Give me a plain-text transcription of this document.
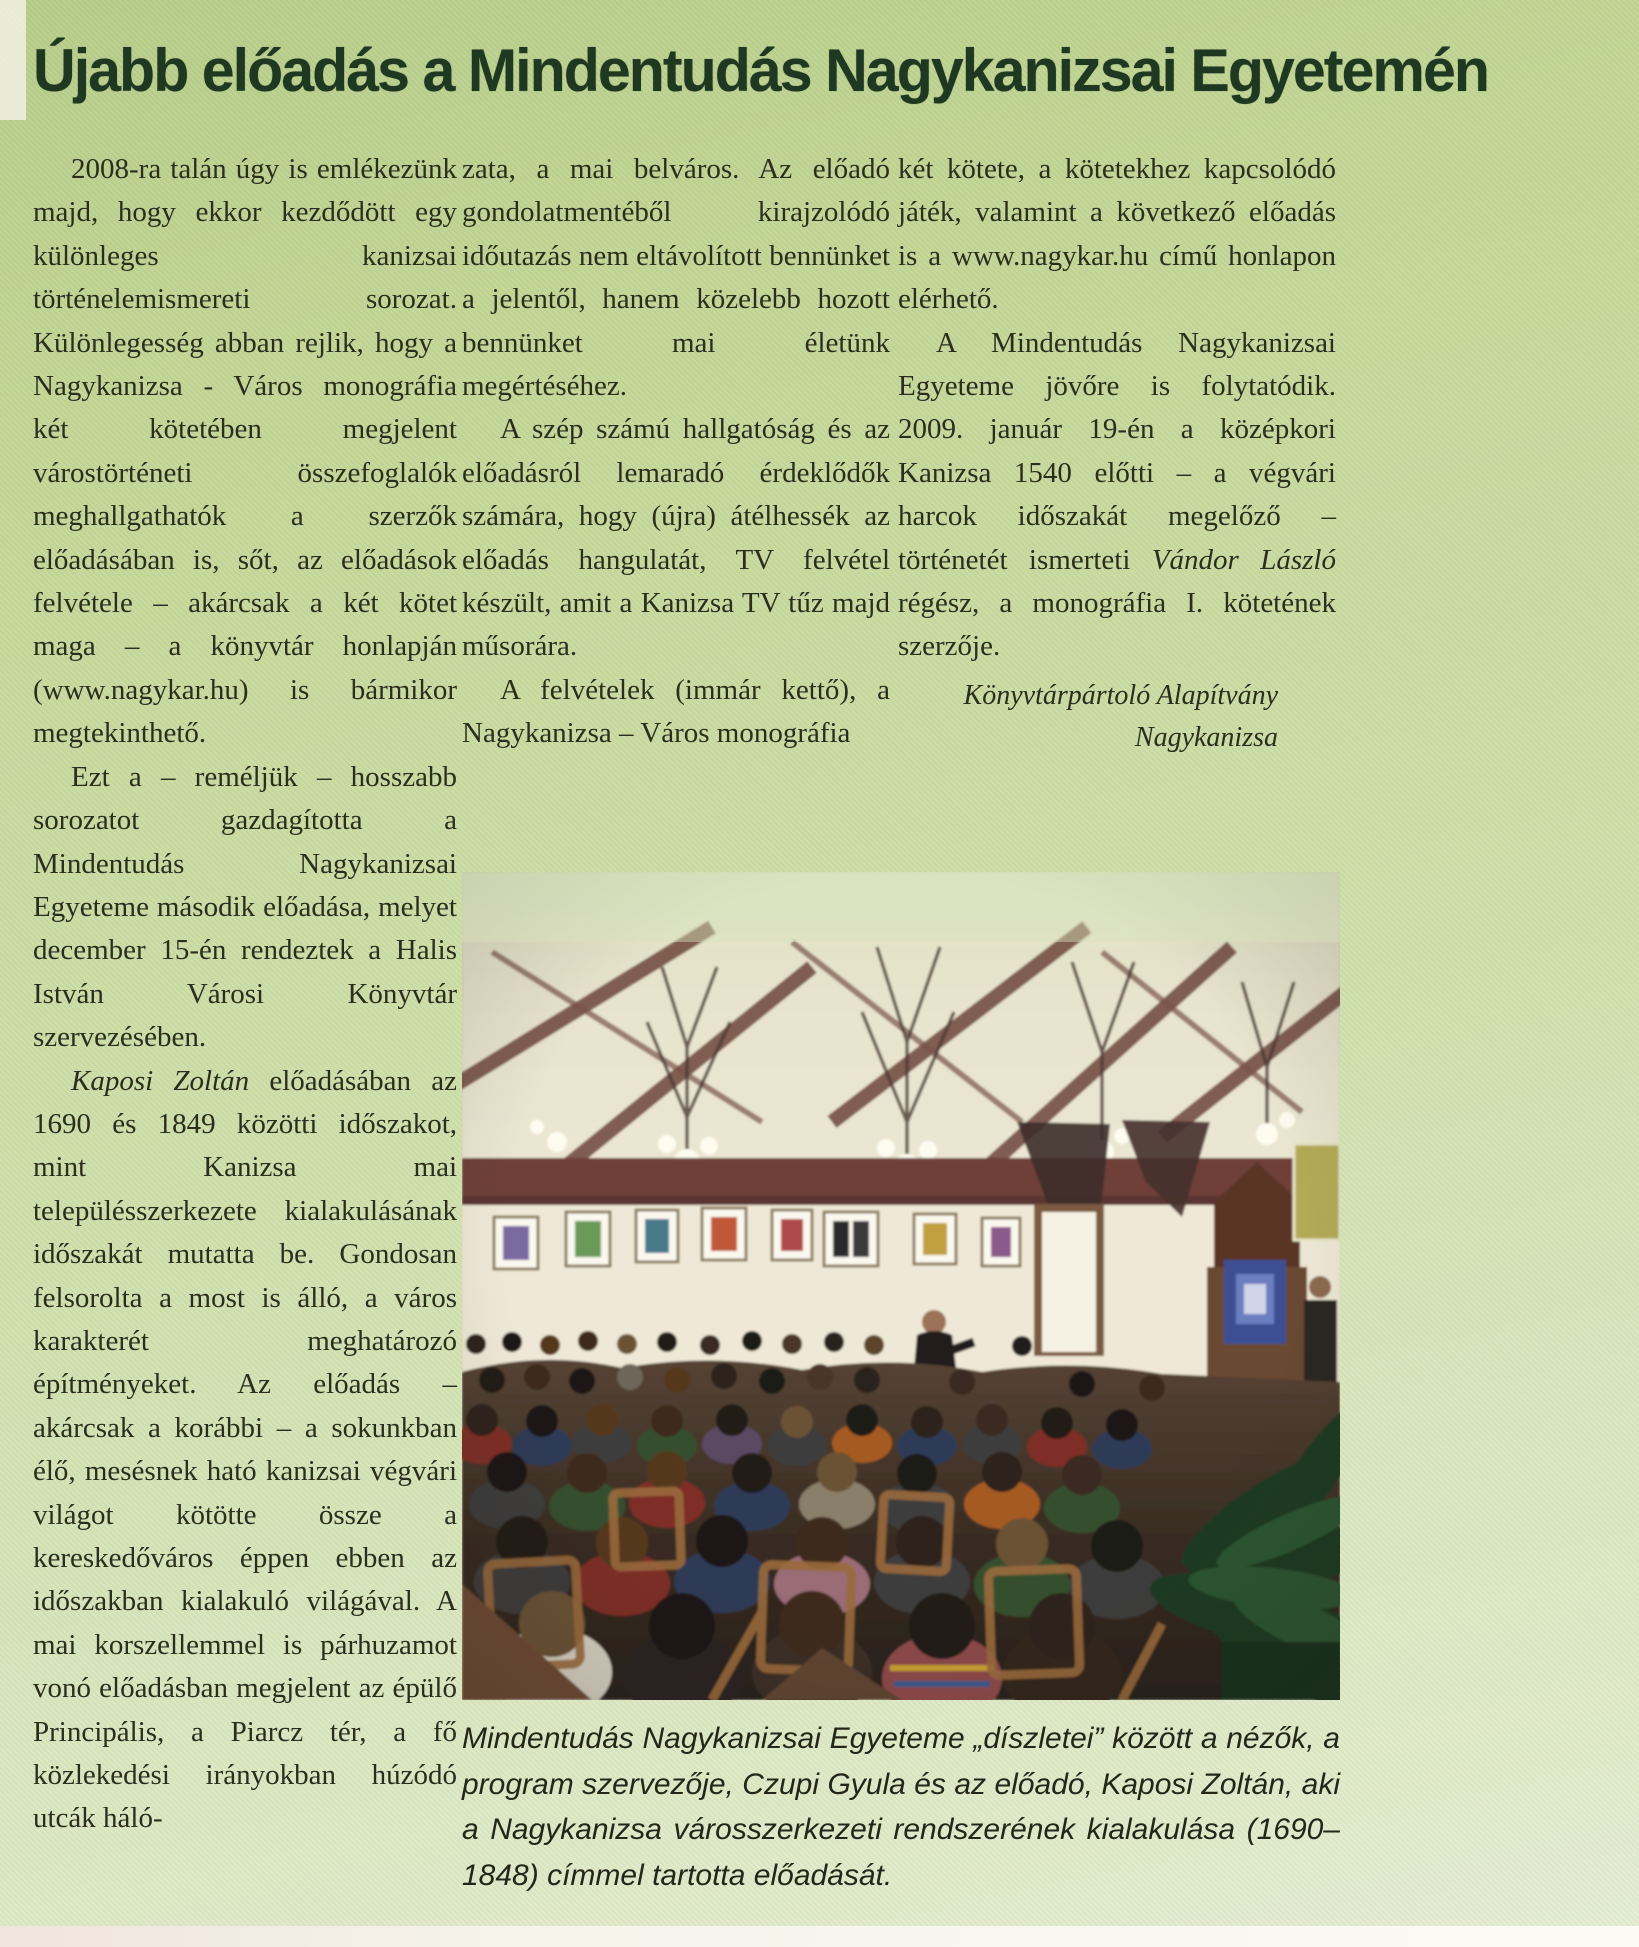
Újabb előadás a Mindentudás Nagykanizsai Egyetemén

2008-ra talán úgy is emlékezünk majd, hogy ekkor kezdődött egy különleges kanizsai történelemismereti sorozat. Különlegesség abban rejlik, hogy a Nagykanizsa - Város monográfia két kötetében megjelent várostörténeti összefoglalók meghallgathatók a szerzők előadásában is, sőt, az előadások felvétele – akárcsak a két kötet maga – a könyvtár honlapján (www.nagykar.hu) is bármikor megtekinthető.

Ezt a – reméljük – hosszabb sorozatot gazdagította a Mindentudás Nagykanizsai Egyeteme második előadása, melyet december 15-én rendeztek a Halis István Városi Könyvtár szervezésében.

Kaposi Zoltán előadásában az 1690 és 1849 közötti időszakot, mint Kanizsa mai településszerkezete kialakulásának időszakát mutatta be. Gondosan felsorolta a most is álló, a város karakterét meghatározó építményeket. Az előadás – akárcsak a korábbi – a sokunkban élő, mesésnek ható kanizsai végvári világot kötötte össze a kereskedőváros éppen ebben az időszakban kialakuló világával. A mai korszellemmel is párhuzamot vonó előadásban megjelent az épülő Principális, a Piarcz tér, a fő közlekedési irányokban húzódó utcák háló-

zata, a mai belváros. Az előadó gondolatmentéből kirajzolódó időutazás nem eltávolított bennünket a jelentől, hanem közelebb hozott bennünket mai életünk megértéséhez.

A szép számú hallgatóság és az előadásról lemaradó érdeklődők számára, hogy (újra) átélhessék az előadás hangulatát, TV felvétel készült, amit a Kanizsa TV tűz majd műsorára.

A felvételek (immár kettő), a Nagykanizsa – Város monográfia

két kötete, a kötetekhez kapcsolódó játék, valamint a következő előadás is a www.nagykar.hu című honlapon elérhető.

A Mindentudás Nagykanizsai Egyeteme jövőre is folytatódik. 2009. január 19-én a középkori Kanizsa 1540 előtti – a végvári harcok időszakát megelőző – történetét ismerteti Vándor László régész, a monográfia I. kötetének szerzője.

Könyvtárpártoló Alapítvány
Nagykanizsa
Mindentudás Nagykanizsai Egyeteme „díszletei” között a nézők, a program szervezője, Czupi Gyula és az előadó, Kaposi Zoltán, aki a Nagykanizsa városszerkezeti rendszerének kialakulása (1690–1848) címmel tartotta előadását.
